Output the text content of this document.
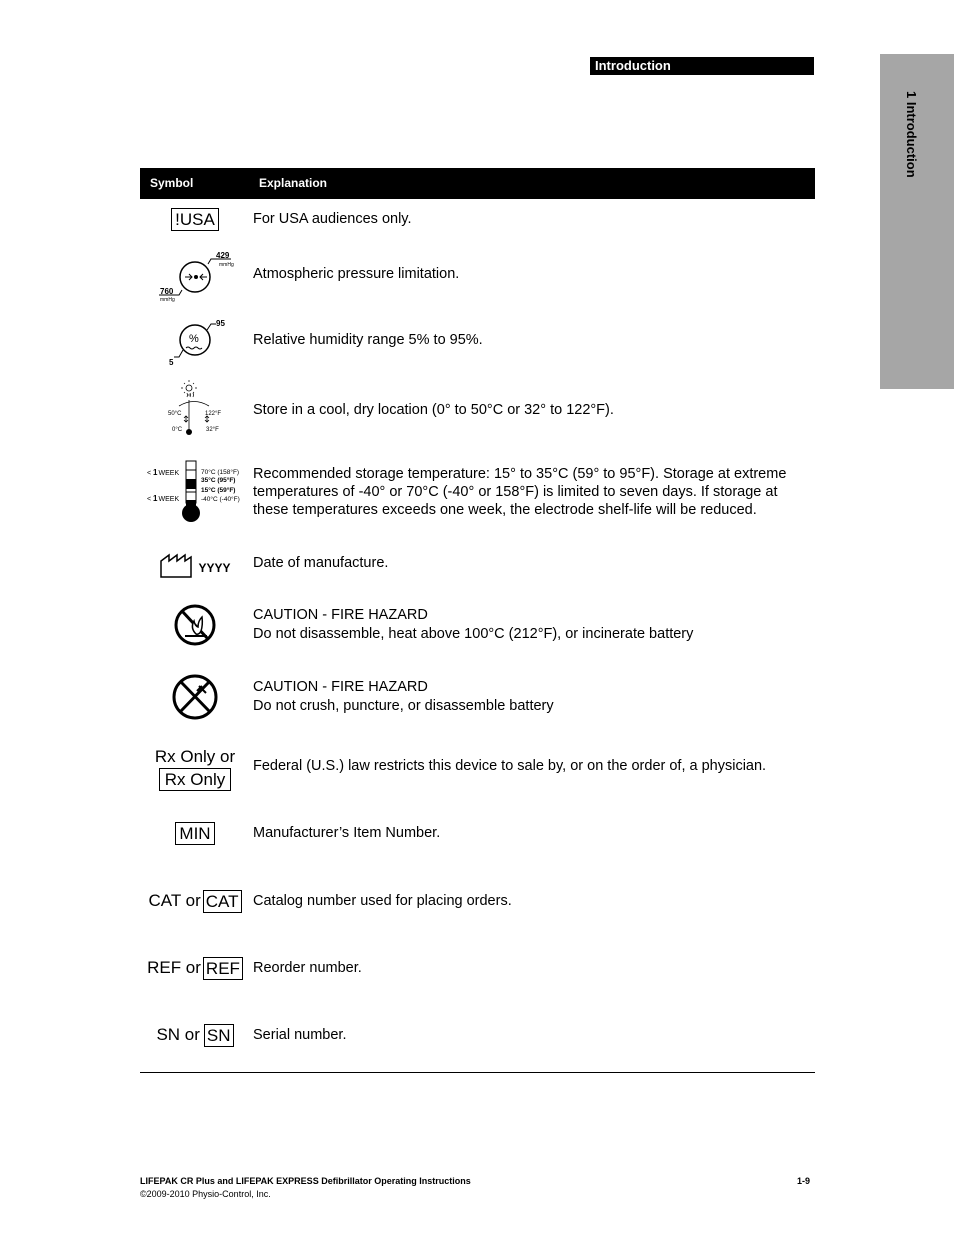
Introduction
1 Introduction
Symbol	Explanation
!USA	For USA audiences only.
429
mmHg
760
mmHg
Atmospheric pressure limitation.
%
95
5
Relative humidity range 5% to 95%.
50°C	122°F
0°C	32°F
Store in a cool, dry location (0° to 50°C or 32° to 122°F).
< 1WEEK
< 1WEEK
70°C (158°F)
35°C (95°F)
15°C (59°F)
-40°C (-40°F)
Recommended storage temperature: 15° to 35°C (59° to 95°F). Storage at extreme temperatures of -40° or 70°C (-40° or 158°F) is limited to seven days. If storage at these temperatures exceeds one week, the electrode shelf-life will be reduced.
YYYY Date of manufacture.
CAUTION - FIRE HAZARD
Do not disassemble, heat above 100°C (212°F), or incinerate battery
CAUTION - FIRE HAZARD
Do not crush, puncture, or disassemble battery
Rx Only or
Rx Only
Federal (U.S.) law restricts this device to sale by, or on the order of, a physician.
MIN	Manufacturer’s Item Number.
CAT or CAT Catalog number used for placing orders.
REF or REF Reorder number.
SN or SN Serial number.
LIFEPAK CR Plus and LIFEPAK EXPRESS Defibrillator Operating Instructions
©2009-2010 Physio-Control, Inc.
1-9
